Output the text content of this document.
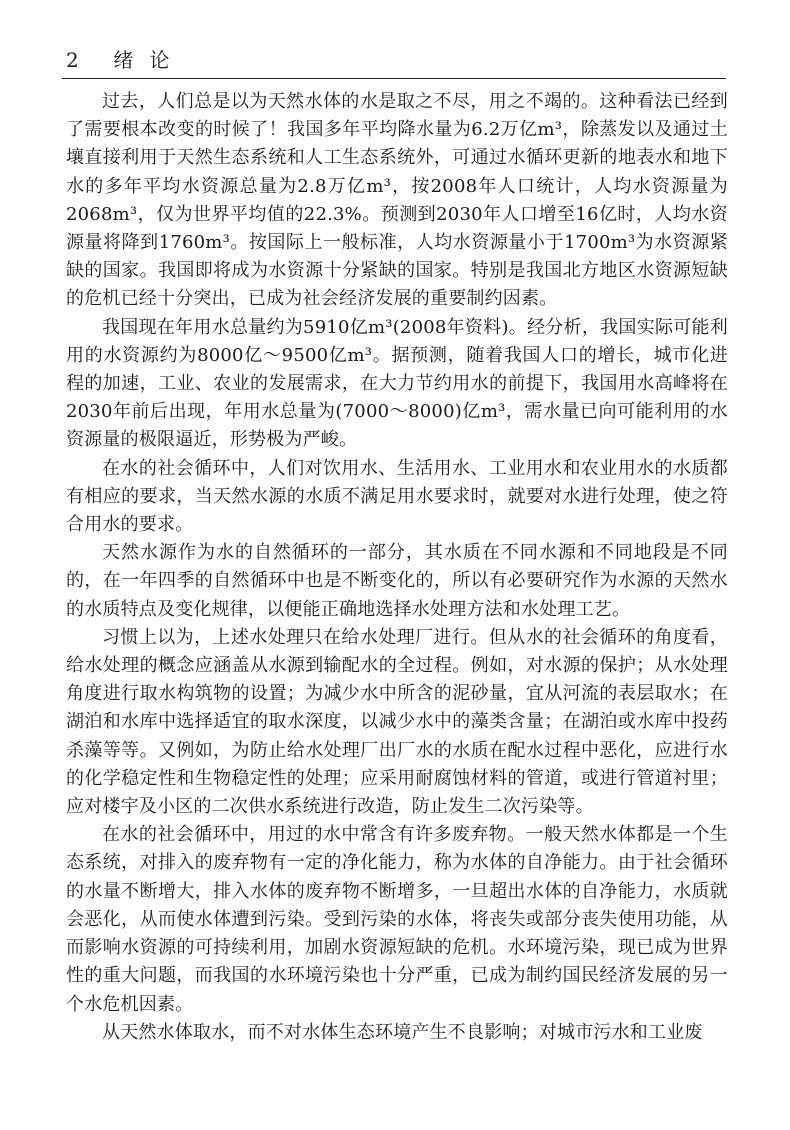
2 绪论

过去，人们总是以为天然水体的水是取之不尽，用之不竭的。这种看法已经到了需要根本改变的时候了！我国多年平均降水量为6.2万亿m³，除蒸发以及通过土壤直接利用于天然生态系统和人工生态系统外，可通过水循环更新的地表水和地下水的多年平均水资源总量为2.8万亿m³，按2008年人口统计，人均水资源量为2068m³，仅为世界平均值的22.3%。预测到2030年人口增至16亿时，人均水资源量将降到1760m³。按国际上一般标准，人均水资源量小于1700m³为水资源紧缺的国家。我国即将成为水资源十分紧缺的国家。特别是我国北方地区水资源短缺的危机已经十分突出，已成为社会经济发展的重要制约因素。

我国现在年用水总量约为5910亿m³(2008年资料)。经分析，我国实际可能利用的水资源约为8000亿～9500亿m³。据预测，随着我国人口的增长，城市化进程的加速，工业、农业的发展需求，在大力节约用水的前提下，我国用水高峰将在2030年前后出现，年用水总量为(7000～8000)亿m³，需水量已向可能利用的水资源量的极限逼近，形势极为严峻。

在水的社会循环中，人们对饮用水、生活用水、工业用水和农业用水的水质都有相应的要求，当天然水源的水质不满足用水要求时，就要对水进行处理，使之符合用水的要求。

天然水源作为水的自然循环的一部分，其水质在不同水源和不同地段是不同的，在一年四季的自然循环中也是不断变化的，所以有必要研究作为水源的天然水的水质特点及变化规律，以便能正确地选择水处理方法和水处理工艺。

习惯上以为，上述水处理只在给水处理厂进行。但从水的社会循环的角度看，给水处理的概念应涵盖从水源到输配水的全过程。例如，对水源的保护；从水处理角度进行取水构筑物的设置；为减少水中所含的泥砂量，宜从河流的表层取水；在湖泊和水库中选择适宜的取水深度，以减少水中的藻类含量；在湖泊或水库中投药杀藻等等。又例如，为防止给水处理厂出厂水的水质在配水过程中恶化，应进行水的化学稳定性和生物稳定性的处理；应采用耐腐蚀材料的管道，或进行管道衬里；应对楼宇及小区的二次供水系统进行改造，防止发生二次污染等。

在水的社会循环中，用过的水中常含有许多废弃物。一般天然水体都是一个生态系统，对排入的废弃物有一定的净化能力，称为水体的自净能力。由于社会循环的水量不断增大，排入水体的废弃物不断增多，一旦超出水体的自净能力，水质就会恶化，从而使水体遭到污染。受到污染的水体，将丧失或部分丧失使用功能，从而影响水资源的可持续利用，加剧水资源短缺的危机。水环境污染，现已成为世界性的重大问题，而我国的水环境污染也十分严重，已成为制约国民经济发展的另一个水危机因素。

从天然水体取水，而不对水体生态环境产生不良影响；对城市污水和工业废
